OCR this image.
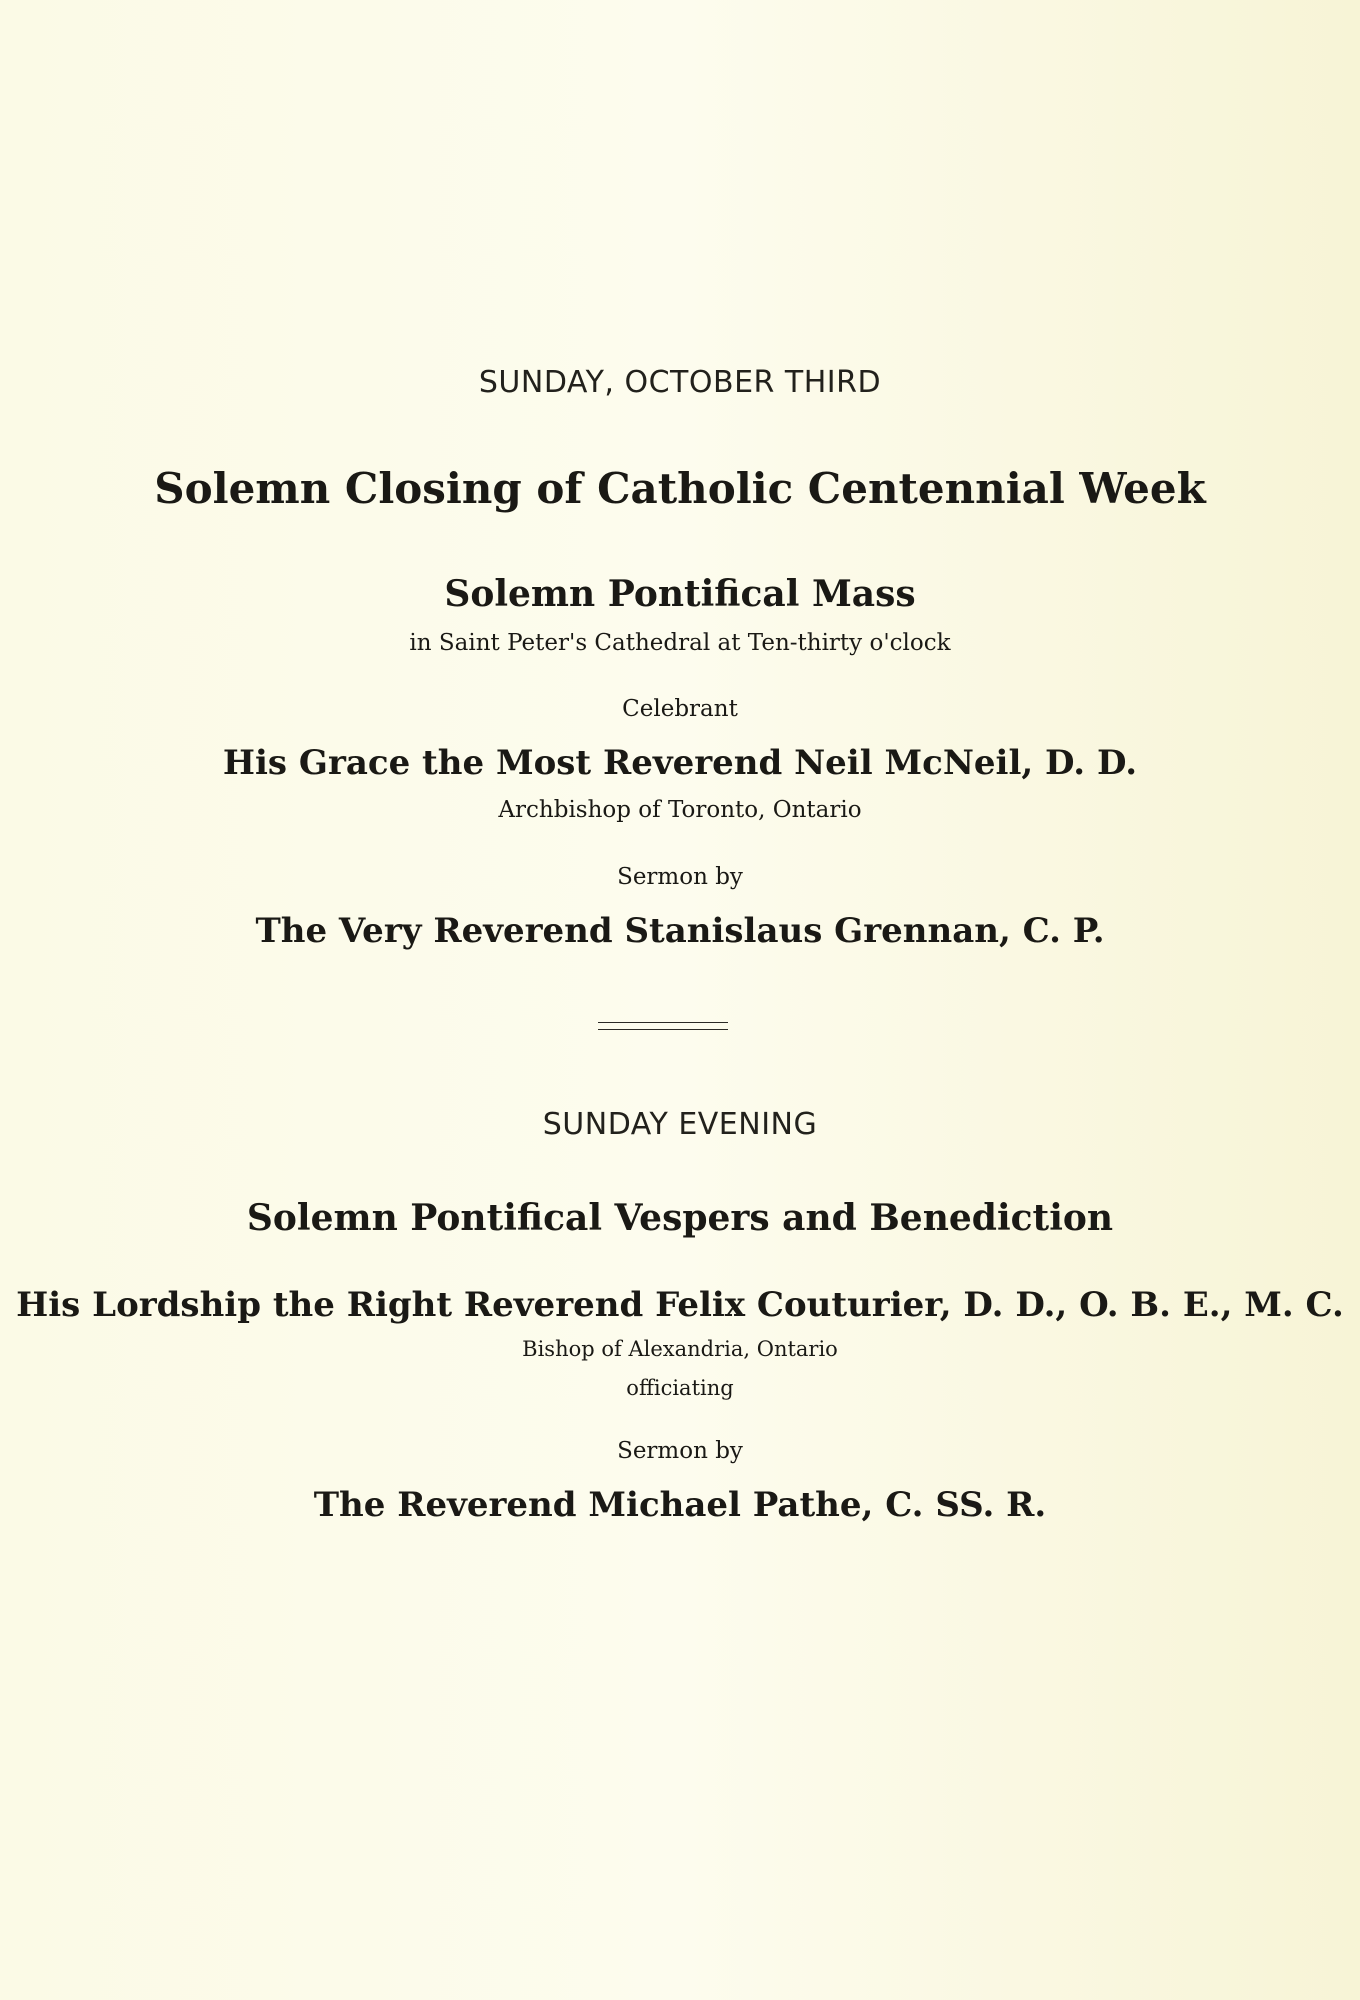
SUNDAY, OCTOBER THIRD
Solemn Closing of Catholic Centennial Week
Solemn Pontifical Mass
in Saint Peter's Cathedral at Ten-thirty o'clock
Celebrant
His Grace the Most Reverend Neil McNeil, D. D.
Archbishop of Toronto, Ontario
Sermon by
The Very Reverend Stanislaus Grennan, C. P.
SUNDAY EVENING
Solemn Pontifical Vespers and Benediction
His Lordship the Right Reverend Felix Couturier, D. D., O. B. E., M. C.
Bishop of Alexandria, Ontario
officiating
Sermon by
The Reverend Michael Pathe, C. SS. R.
